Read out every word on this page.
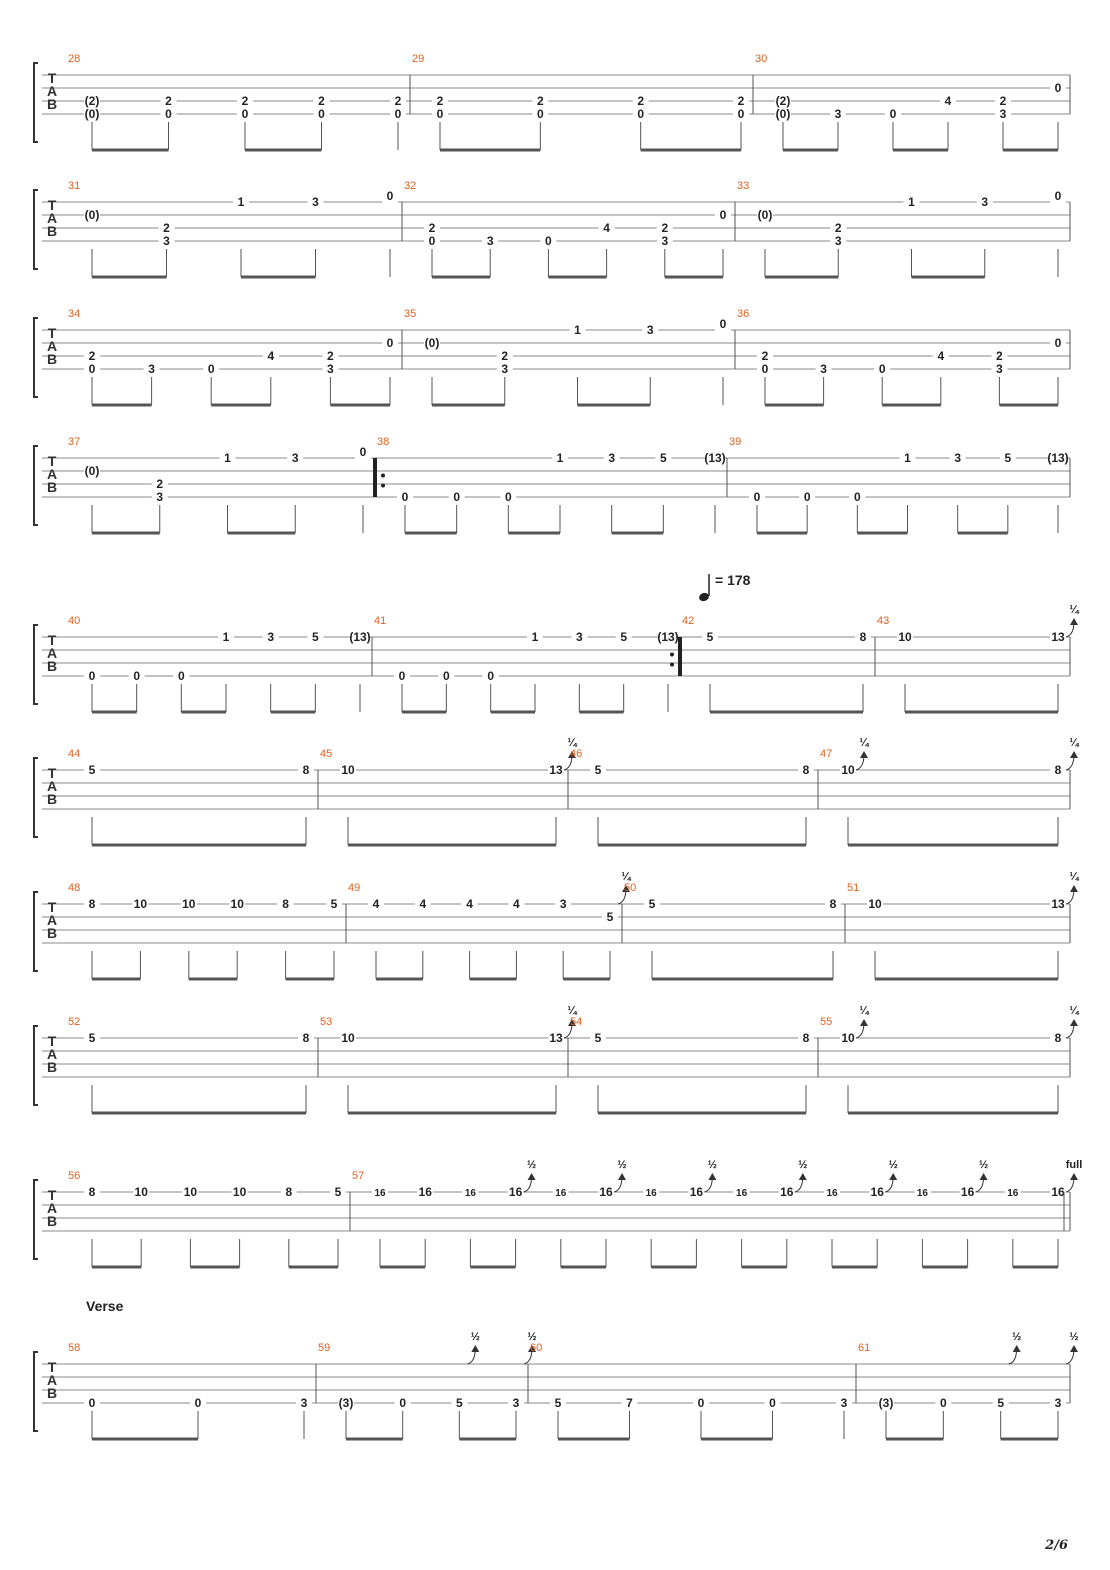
T
A
B
28
(2)
(0)
2
0
2
0
2
0
2
0
29
2
0
2
0
2
0
2
0
30
(2)
(0)	3	0
4	2
3
0
T
A
B
31
(0)
2
3
1	3	0
32
2
0	3	0
4	2
3
0
33
(0)
2
3
1	3	0
T
A
B
34
2
0	3	0
4	2
3
0
35
(0)
2
3
1	3	0
36
2
0	3	0
4	2
3
0
T
A
B
37
(0)
2
3
1	3	0
38
0	0	0
1	3	5	(13)
39
0	0	0
1	3	5	(13)
T
A
B
40
0	0	0
1	3	5	(13)
41
0	0	0
1	3	5	(13)
42
5	8
43
10	13
¼
T
A
B
44
5	8
45
10	13
¼
46
5	8
47
10	8
¼	¼
T
A
B
48
8	10	10	10	8	5
49
4	4	4	4	3
5
¼
50
5	8
51
10	13
¼
T
A
B
52
5	8
53
10	13
¼
54
5	8
55
10	8
¼	¼
T
A
B
56
8	10	10	10	8	5
57
16	16	16	16	16	16	16	16	16	16	16	16	16	16	16	16
½	½	½	½	½	½	full
T
A
B
58
0	0	3
59
(3)	0	5	3
½	½
60
5	7	0	0	3
61
(3)	0	5	3
½	½
= 178
Verse
2/6
